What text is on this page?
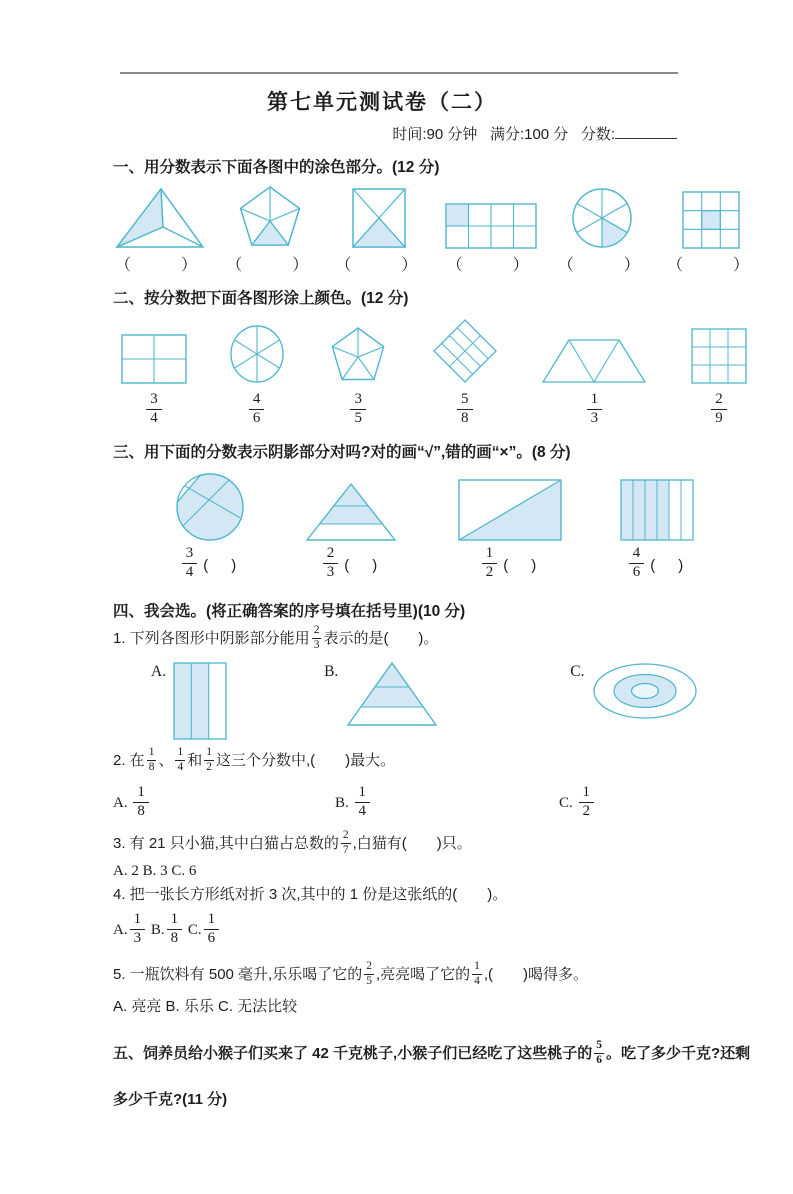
第七单元测试卷（二）
时间:90 分钟 满分:100 分 分数:
一、用分数表示下面各图中的涂色部分。(12 分)
（　　） （　　） （　　） （　　） （　　） （　　）
二、按分数把下面各图形涂上颜色。(12 分)
$\frac{3}{4}$	$\frac{4}{6}$	$\frac{3}{5}$	$\frac{5}{8}$	$\frac{1}{3}$	$\frac{2}{9}$
三、用下面的分数表示阴影部分对吗?对的画“√”,错的画“×”。(8 分)
$\frac{3}{4}$ (　)	$\frac{2}{3}$ (　)	$\frac{1}{2}$ (　)	$\frac{4}{6}$ (　)
四、我会选。(将正确答案的序号填在括号里)(10 分)
1. 下列各图形中阴影部分能用 $\frac{2}{3}$ 表示的是(　　)。
A.	B.	C.
2. 在 $\frac{1}{8}$ 、 $\frac{1}{4}$ 和 $\frac{1}{2}$ 这三个分数中,(　　)最大。
A. $\frac{1}{8}$	B. $\frac{1}{4}$	C. $\frac{1}{2}$
3. 有 21 只小猫,其中白猫占总数的 $\frac{2}{7}$ ,白猫有(　　)只。
A. 2 B. 3 C. 6
4. 把一张长方形纸对折 3 次,其中的 1 份是这张纸的(　　)。
A. $\frac{1}{3} B$. $\frac{1}{8} C$. $\frac{1}{6}$
5. 一瓶饮料有 500 毫升,乐乐喝了它的 $\frac{2}{5}$ ,亮亮喝了它的 $\frac{1}{4}$ ,(　　)喝得多。
A. 亮亮 B. 乐乐 C. 无法比较
五、饲养员给小猴子们买来了 42 千克桃子,小猴子们已经吃了这些桃子的 $\frac{5}{6}$ 。吃了多少千克?还剩多少千克?(11 分)
